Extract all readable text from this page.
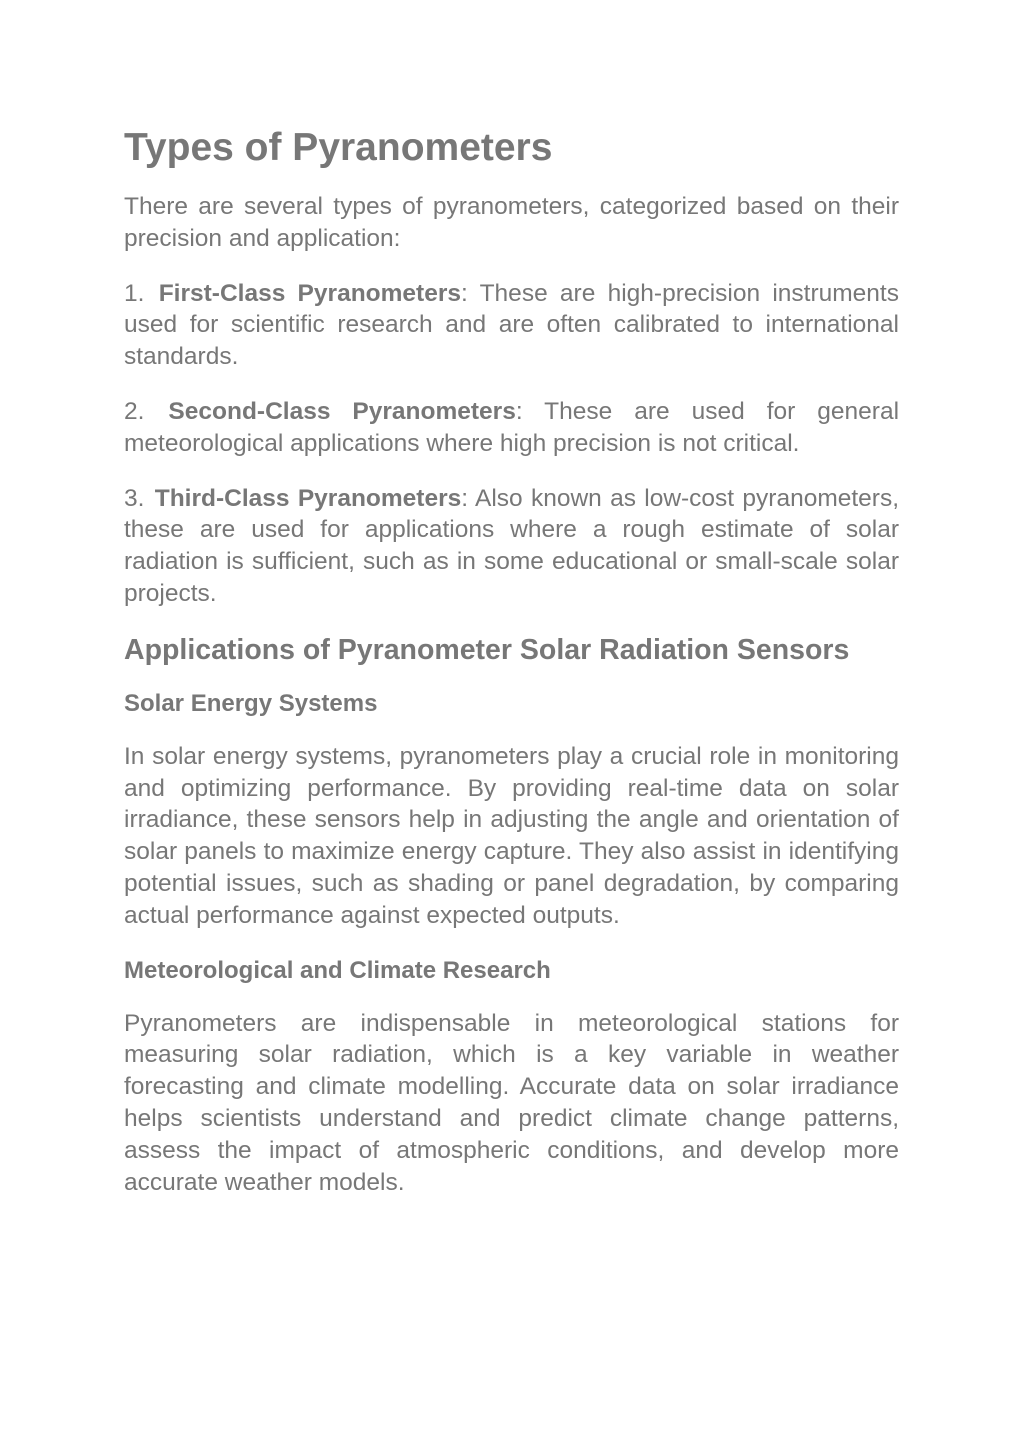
Types of Pyranometers

There are several types of pyranometers, categorized based on their precision and application:

1. First-Class Pyranometers: These are high-precision instruments used for scientific research and are often calibrated to international standards.

2. Second-Class Pyranometers: These are used for general meteorological applications where high precision is not critical.

3. Third-Class Pyranometers: Also known as low-cost pyranometers, these are used for applications where a rough estimate of solar radiation is sufficient, such as in some educational or small-scale solar projects.

Applications of Pyranometer Solar Radiation Sensors
Solar Energy Systems

In solar energy systems, pyranometers play a crucial role in monitoring and optimizing performance. By providing real-time data on solar irradiance, these sensors help in adjusting the angle and orientation of solar panels to maximize energy capture. They also assist in identifying potential issues, such as shading or panel degradation, by comparing actual performance against expected outputs.

Meteorological and Climate Research

Pyranometers are indispensable in meteorological stations for measuring solar radiation, which is a key variable in weather forecasting and climate modelling. Accurate data on solar irradiance helps scientists understand and predict climate change patterns, assess the impact of atmospheric conditions, and develop more accurate weather models.
